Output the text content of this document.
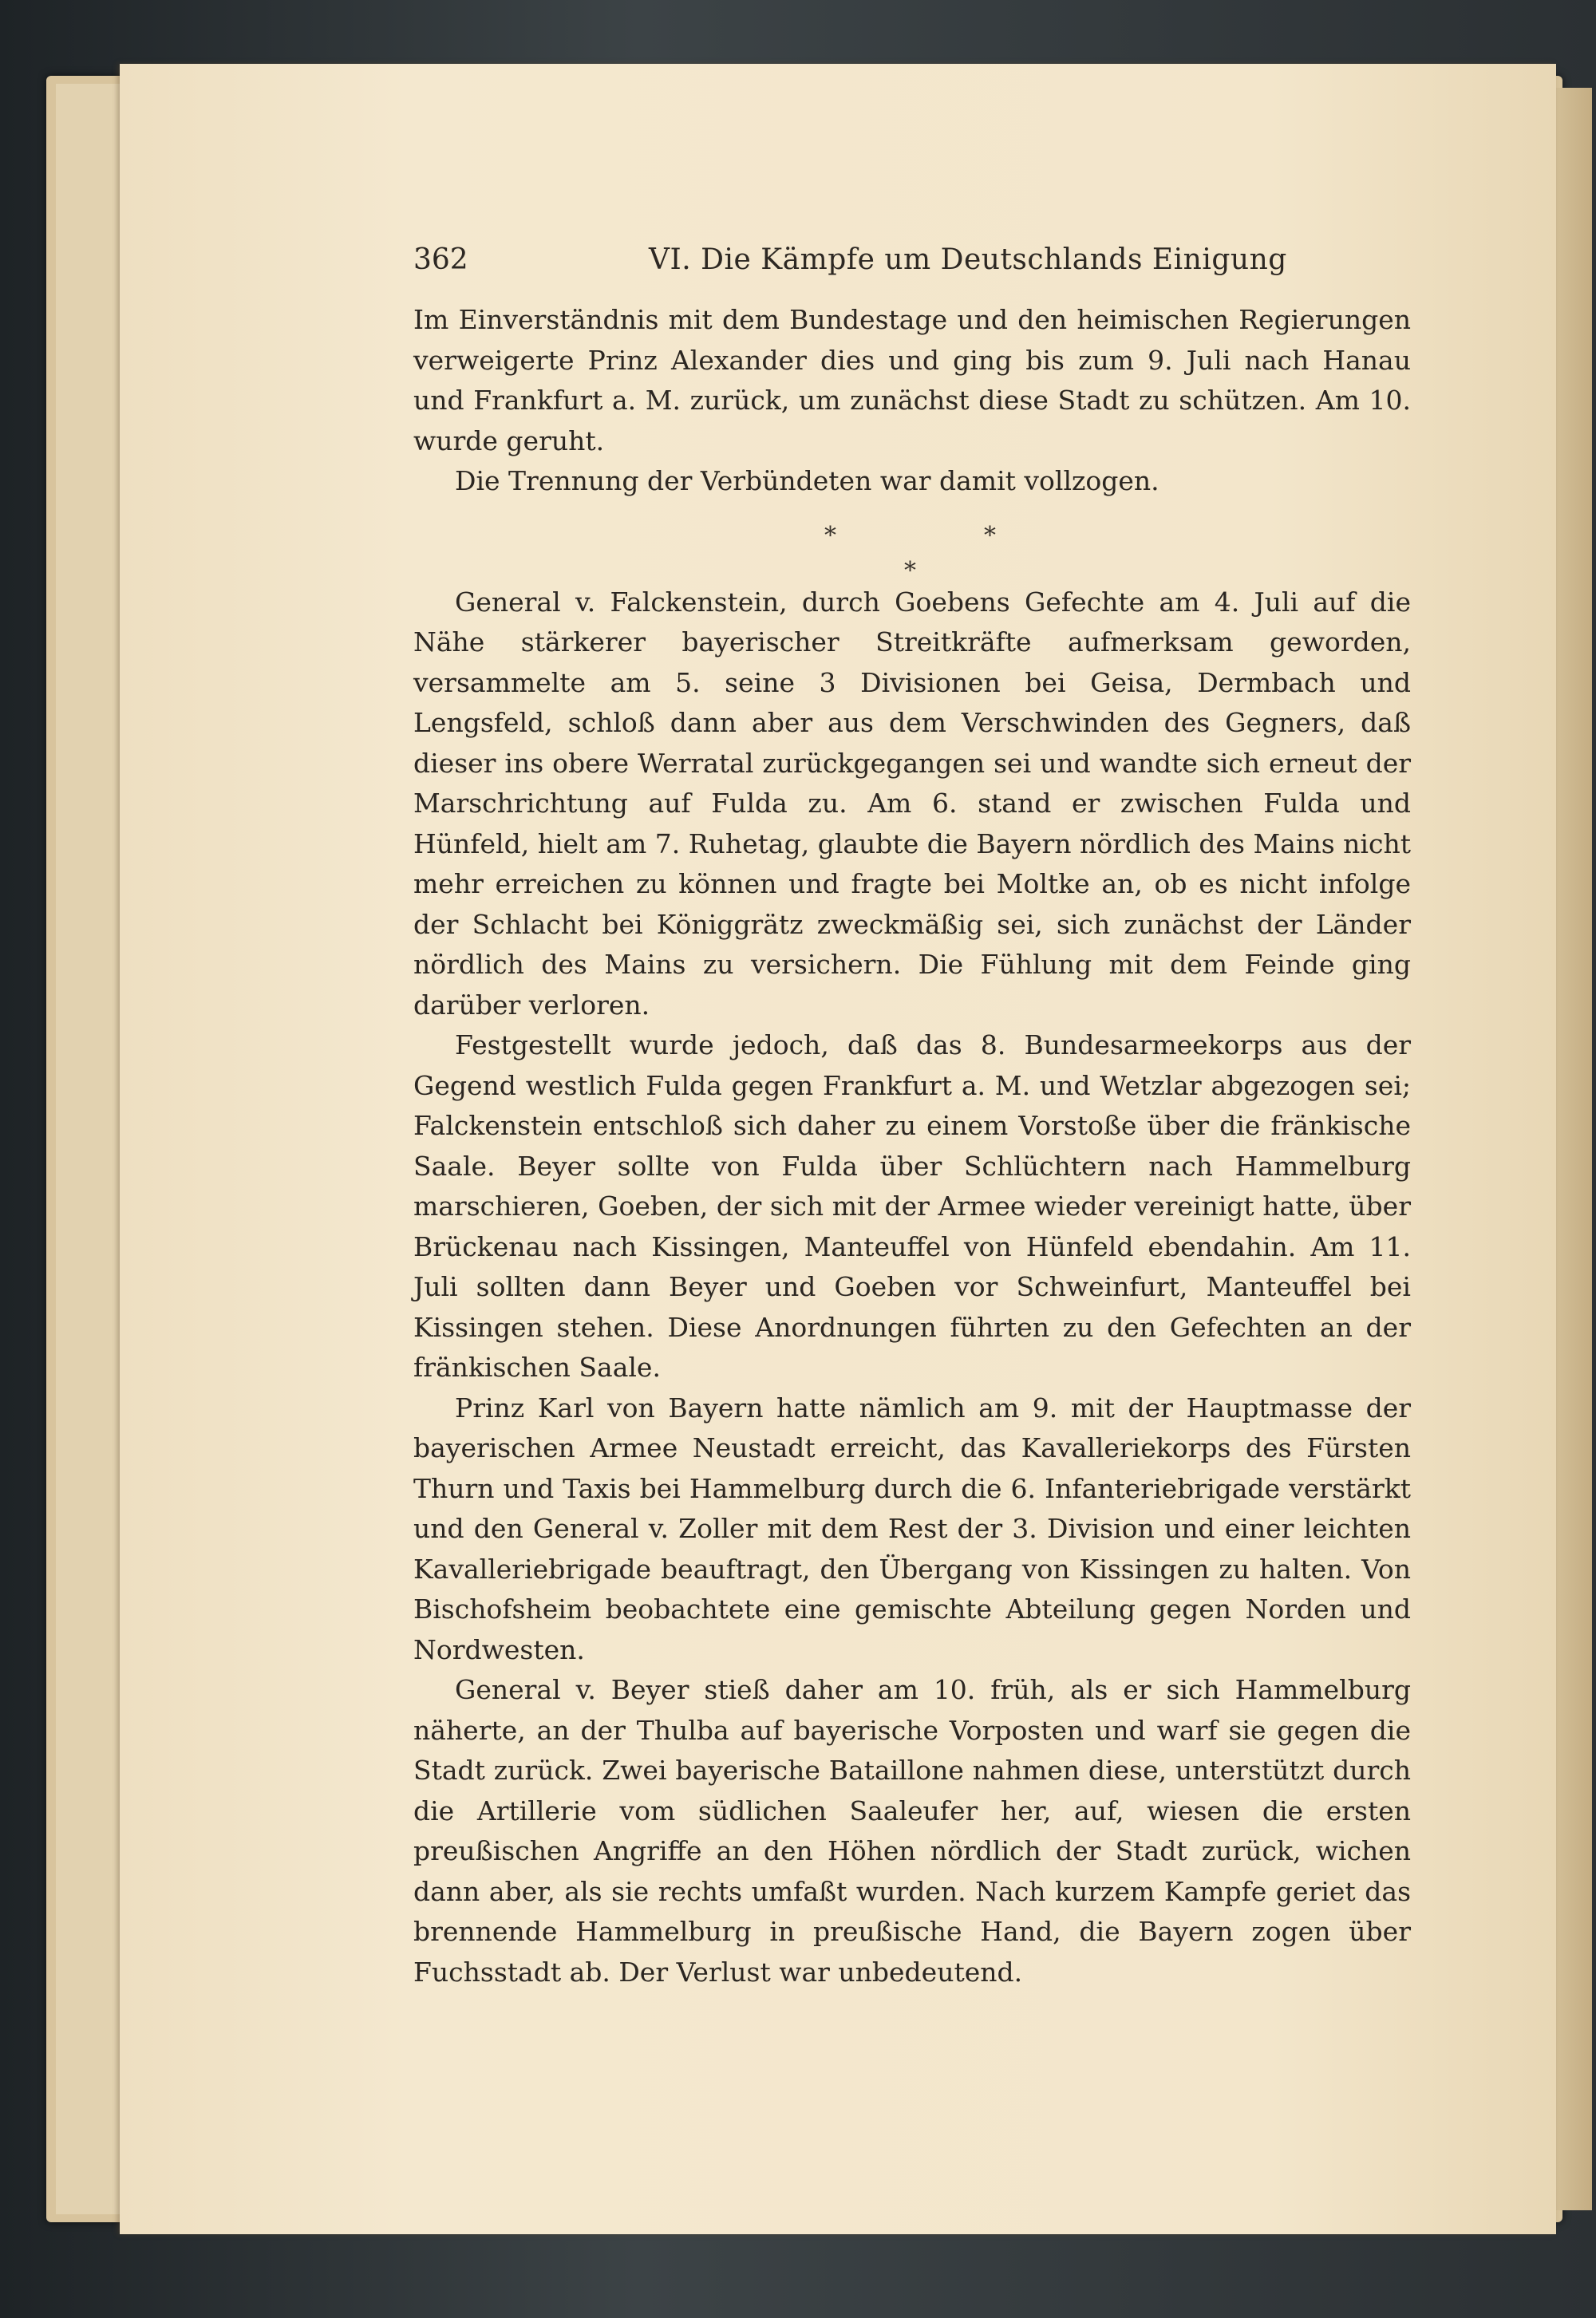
362	VI. Die Kämpfe um Deutschlands Einigung

Im Einverständnis mit dem Bundestage und den heimischen Regierungen verweigerte Prinz Alexander dies und ging bis zum 9. Juli nach Hanau und Frankfurt a. M. zurück, um zunächst diese Stadt zu schützen. Am 10. wurde geruht.

Die Trennung der Verbündeten war damit vollzogen.

*	*
*

General v. Falckenstein, durch Goebens Gefechte am 4. Juli auf die Nähe stärkerer bayerischer Streitkräfte aufmerksam geworden, versammelte am 5. seine 3 Divisionen bei Geisa, Dermbach und Lengsfeld, schloß dann aber aus dem Verschwinden des Gegners, daß dieser ins obere Werratal zurückgegangen sei und wandte sich erneut der Marschrichtung auf Fulda zu. Am 6. stand er zwischen Fulda und Hünfeld, hielt am 7. Ruhetag, glaubte die Bayern nördlich des Mains nicht mehr erreichen zu können und fragte bei Moltke an, ob es nicht infolge der Schlacht bei Königgrätz zweckmäßig sei, sich zunächst der Länder nördlich des Mains zu versichern. Die Fühlung mit dem Feinde ging darüber verloren.

Festgestellt wurde jedoch, daß das 8. Bundesarmeekorps aus der Gegend westlich Fulda gegen Frankfurt a. M. und Wetzlar abgezogen sei; Falckenstein entschloß sich daher zu einem Vorstoße über die fränkische Saale. Beyer sollte von Fulda über Schlüchtern nach Hammelburg marschieren, Goeben, der sich mit der Armee wieder vereinigt hatte, über Brückenau nach Kissingen, Manteuffel von Hünfeld ebendahin. Am 11. Juli sollten dann Beyer und Goeben vor Schweinfurt, Manteuffel bei Kissingen stehen. Diese Anordnungen führten zu den Gefechten an der fränkischen Saale.

Prinz Karl von Bayern hatte nämlich am 9. mit der Hauptmasse der bayerischen Armee Neustadt erreicht, das Kavalleriekorps des Fürsten Thurn und Taxis bei Hammelburg durch die 6. Infanteriebrigade verstärkt und den General v. Zoller mit dem Rest der 3. Division und einer leichten Kavalleriebrigade beauftragt, den Übergang von Kissingen zu halten. Von Bischofsheim beobachtete eine gemischte Abteilung gegen Norden und Nordwesten.

General v. Beyer stieß daher am 10. früh, als er sich Hammelburg näherte, an der Thulba auf bayerische Vorposten und warf sie gegen die Stadt zurück. Zwei bayerische Bataillone nahmen diese, unterstützt durch die Artillerie vom südlichen Saaleufer her, auf, wiesen die ersten preußischen Angriffe an den Höhen nördlich der Stadt zurück, wichen dann aber, als sie rechts umfaßt wurden. Nach kurzem Kampfe geriet das brennende Hammelburg in preußische Hand, die Bayern zogen über Fuchsstadt ab. Der Verlust war unbedeutend.
